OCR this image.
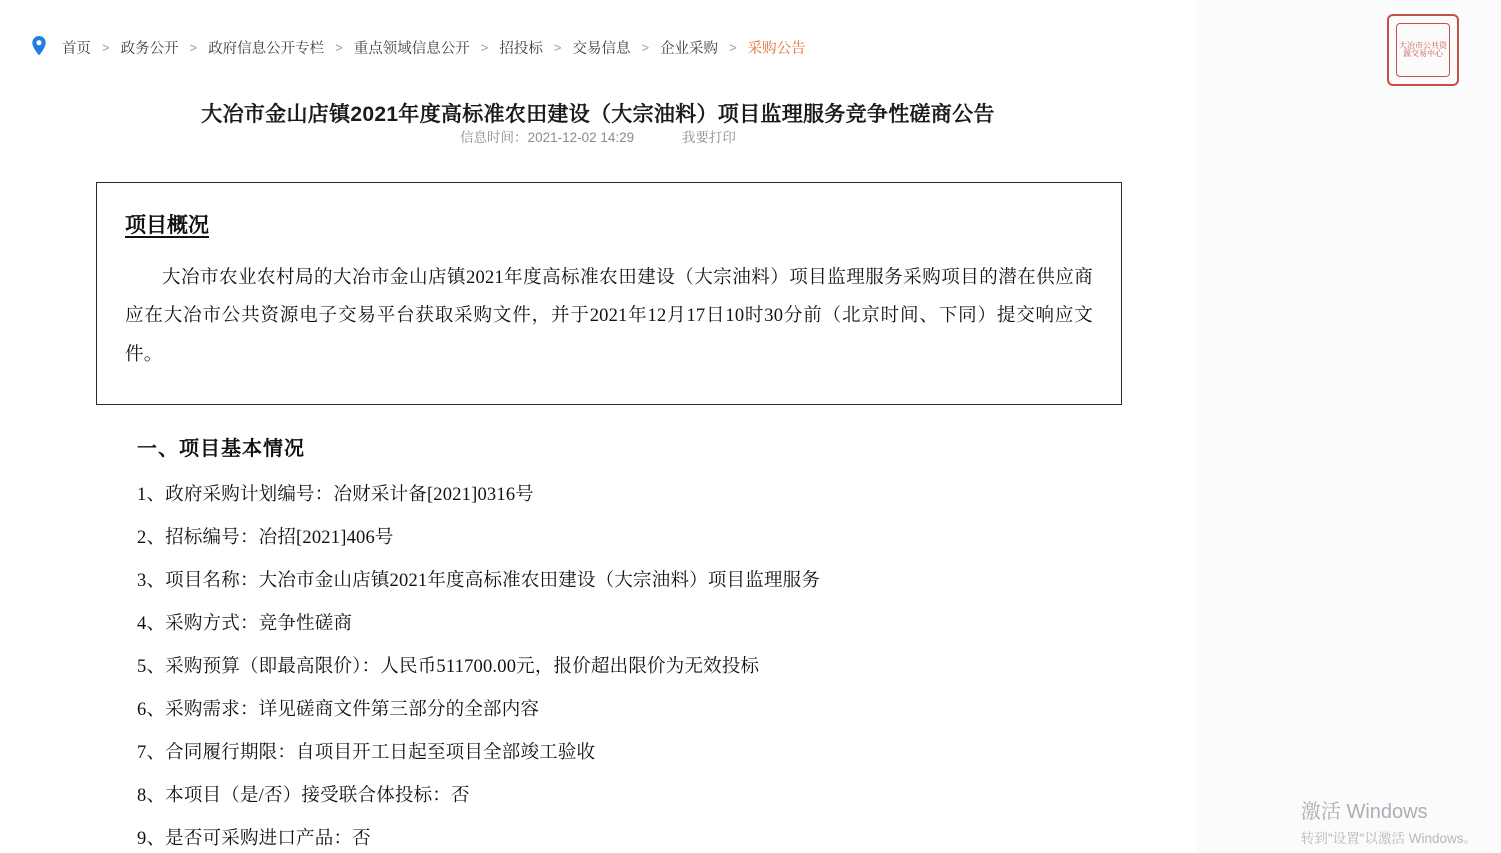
首页 > 政务公开 > 政府信息公开专栏 > 重点领域信息公开 > 招投标 > 交易信息 > 企业采购 > 采购公告
大冶市金山店镇2021年度高标准农田建设（大宗油料）项目监理服务竞争性磋商公告
信息时间：2021-12-02 14:29	我要打印
项目概况
大冶市农业农村局的大冶市金山店镇2021年度高标准农田建设（大宗油料）项目监理服务采购项目的潜在供应商应在大冶市公共资源电子交易平台获取采购文件，并于2021年12月17日10时30分前（北京时间、下同）提交响应文件。
一、项目基本情况
1、政府采购计划编号：冶财采计备[2021]0316号
2、招标编号：冶招[2021]406号
3、项目名称：大冶市金山店镇2021年度高标准农田建设（大宗油料）项目监理服务
4、采购方式：竞争性磋商
5、采购预算（即最高限价）：人民币511700.00元，报价超出限价为无效投标
6、采购需求：详见磋商文件第三部分的全部内容
7、合同履行期限：自项目开工日起至项目全部竣工验收
8、本项目（是/否）接受联合体投标：否
9、是否可采购进口产品：否
大冶市公共资源交易中心
激活 Windows
转到"设置"以激活 Windows。
